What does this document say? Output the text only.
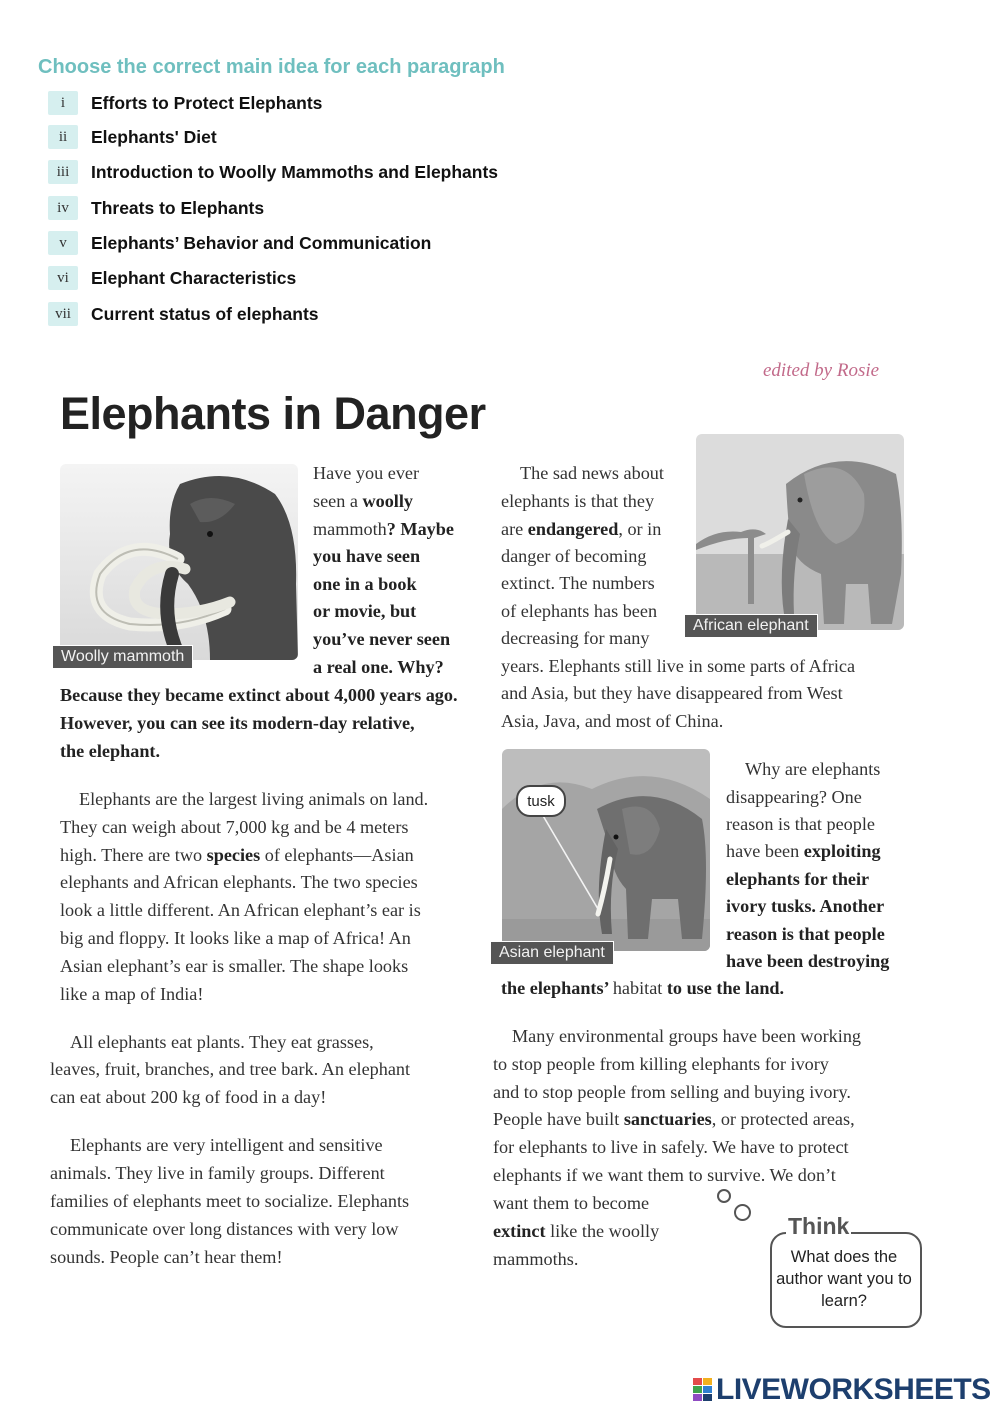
Choose the correct main idea for each paragraph
i	Efforts to Protect Elephants
ii	Elephants' Diet
iii	Introduction to Woolly Mammoths and Elephants
iv	Threats to Elephants
v	Elephants’ Behavior and Communication
vi	Elephant Characteristics
vii	Current status of elephants
edited by Rosie
Elephants in Danger
Woolly mammoth
African elephant
tusk
Asian elephant
Think
What does the author want you to learn?
Have you ever
seen a woolly
mammoth? Maybe
you have seen
one in a book
or movie, but
you’ve never seen
a real one. Why?
Because they became extinct about 4,000 years ago.
However, you can see its modern-day relative,
the elephant.
Elephants are the largest living animals on land.
They can weigh about 7,000 kg and be 4 meters
high. There are two species of elephants—Asian
elephants and African elephants. The two species
look a little different. An African elephant’s ear is
big and floppy. It looks like a map of Africa! An
Asian elephant’s ear is smaller. The shape looks
like a map of India!
All elephants eat plants. They eat grasses,
leaves, fruit, branches, and tree bark. An elephant
can eat about 200 kg of food in a day!
Elephants are very intelligent and sensitive
animals. They live in family groups. Different
families of elephants meet to socialize. Elephants
communicate over long distances with very low
sounds. People can’t hear them!
The sad news about
elephants is that they
are endangered, or in
danger of becoming
extinct. The numbers
of elephants has been
decreasing for many
years. Elephants still live in some parts of Africa
and Asia, but they have disappeared from West
Asia, Java, and most of China.
Why are elephants
disappearing? One
reason is that people
have been exploiting
elephants for their
ivory tusks. Another
reason is that people
have been destroying
the elephants’ habitat to use the land.
Many environmental groups have been working
to stop people from killing elephants for ivory
and to stop people from selling and buying ivory.
People have built sanctuaries, or protected areas,
for elephants to live in safely. We have to protect
elephants if we want them to survive. We don’t
want them to become
extinct like the woolly
mammoths.
LIVEWORKSHEETS
